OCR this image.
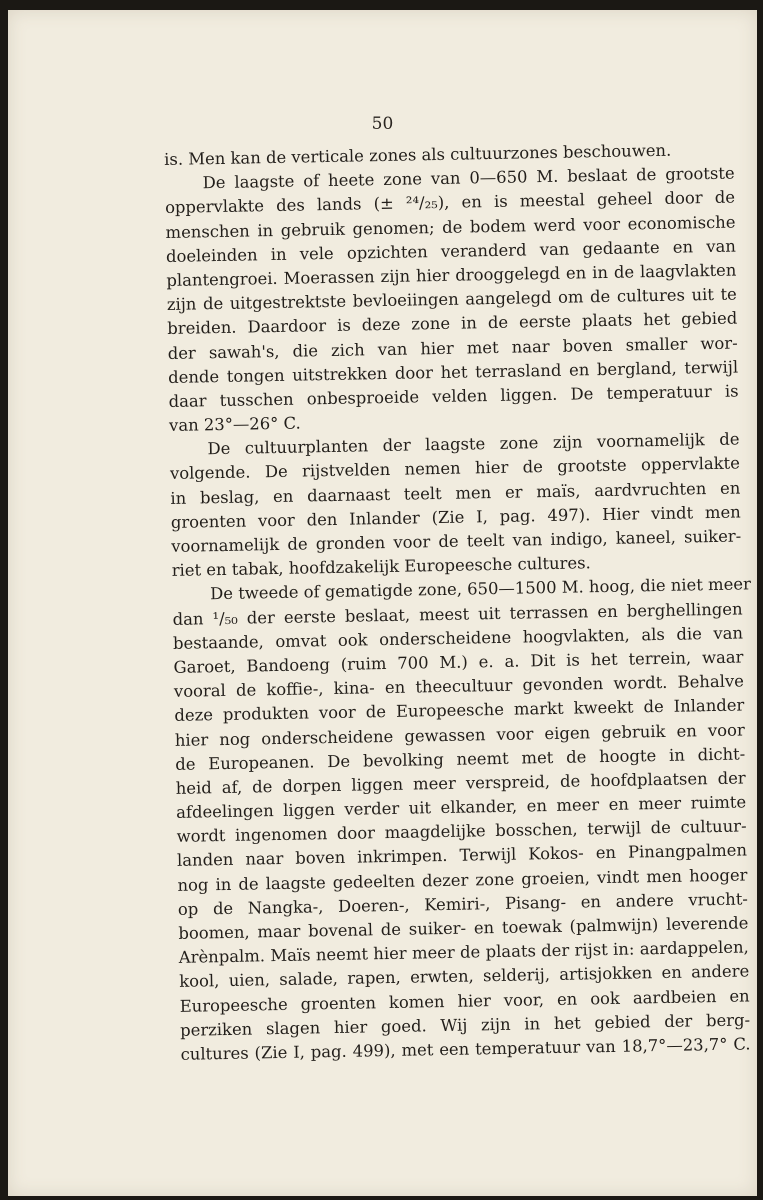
50
is. Men kan de verticale zones als cultuurzones beschouwen.
De laagste of heete zone van 0—650 M. beslaat de grootste
oppervlakte des lands (± ²⁴/₂₅), en is meestal geheel door de
menschen in gebruik genomen; de bodem werd voor economische
doeleinden in vele opzichten veranderd van gedaante en van
plantengroei. Moerassen zijn hier drooggelegd en in de laagvlakten
zijn de uitgestrektste bevloeiingen aangelegd om de cultures uit te
breiden. Daardoor is deze zone in de eerste plaats het gebied
der sawah's, die zich van hier met naar boven smaller wor-
dende tongen uitstrekken door het terrasland en bergland, terwijl
daar tusschen onbesproeide velden liggen. De temperatuur is
van 23°—26° C.
De cultuurplanten der laagste zone zijn voornamelijk de
volgende. De rijstvelden nemen hier de grootste oppervlakte
in beslag, en daarnaast teelt men er maïs, aardvruchten en
groenten voor den Inlander (Zie I, pag. 497). Hier vindt men
voornamelijk de gronden voor de teelt van indigo, kaneel, suiker-
riet en tabak, hoofdzakelijk Europeesche cultures.
De tweede of gematigde zone, 650—1500 M. hoog, die niet meer
dan ¹/₅₀ der eerste beslaat, meest uit terrassen en berghellingen
bestaande, omvat ook onderscheidene hoogvlakten, als die van
Garoet, Bandoeng (ruim 700 M.) e. a. Dit is het terrein, waar
vooral de koffie-, kina- en theecultuur gevonden wordt. Behalve
deze produkten voor de Europeesche markt kweekt de Inlander
hier nog onderscheidene gewassen voor eigen gebruik en voor
de Europeanen. De bevolking neemt met de hoogte in dicht-
heid af, de dorpen liggen meer verspreid, de hoofdplaatsen der
afdeelingen liggen verder uit elkander, en meer en meer ruimte
wordt ingenomen door maagdelijke bosschen, terwijl de cultuur-
landen naar boven inkrimpen. Terwijl Kokos- en Pinangpalmen
nog in de laagste gedeelten dezer zone groeien, vindt men hooger
op de Nangka-, Doeren-, Kemiri-, Pisang- en andere vrucht-
boomen, maar bovenal de suiker- en toewak (palmwijn) leverende
Arènpalm. Maïs neemt hier meer de plaats der rijst in: aardappelen,
kool, uien, salade, rapen, erwten, selderij, artisjokken en andere
Europeesche groenten komen hier voor, en ook aardbeien en
perziken slagen hier goed. Wij zijn in het gebied der berg-
cultures (Zie I, pag. 499), met een temperatuur van 18,7°—23,7° C.
